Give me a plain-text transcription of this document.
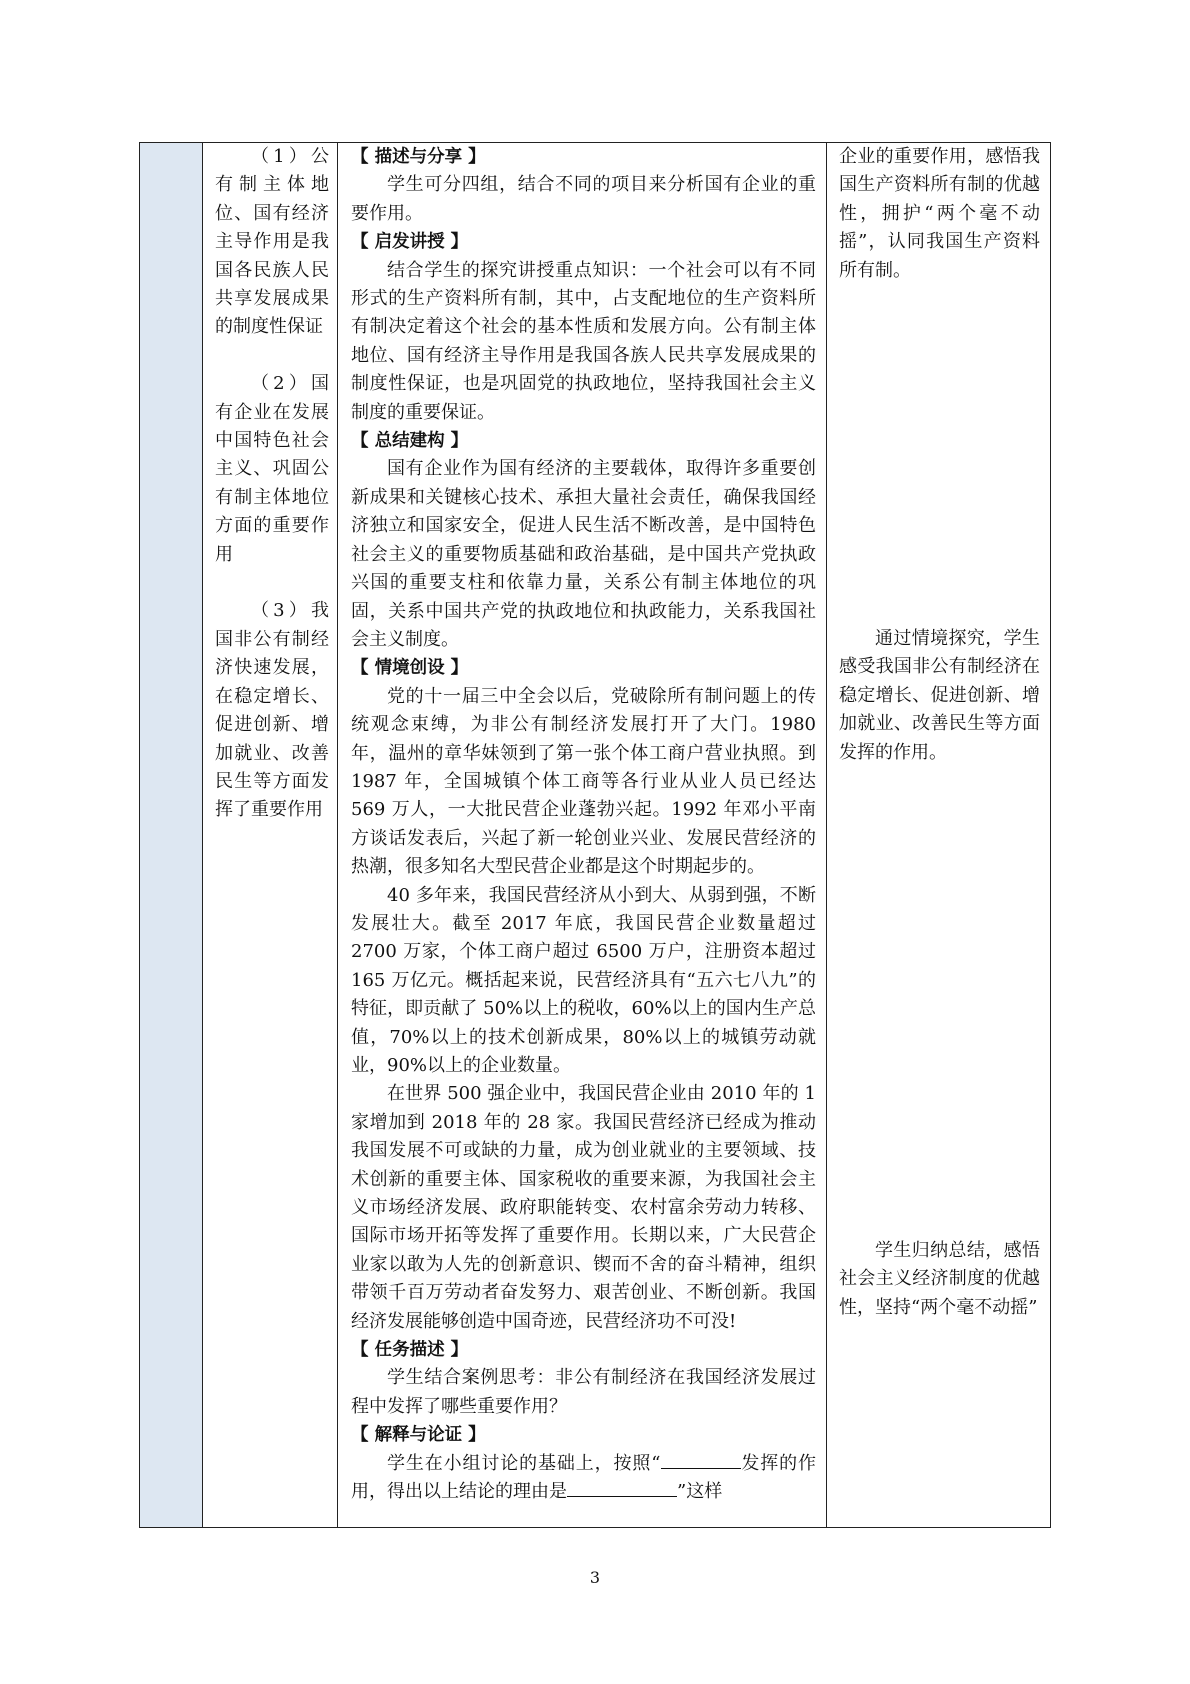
（1）公有制主体地位、国有经济主导作用是我国各民族人民共享发展成果的制度性保证

（2）国有企业在发展中国特色社会主义、巩固公有制主体地位方面的重要作用

（3）我国非公有制经济快速发展，在稳定增长、促进创新、增加就业、改善民生等方面发挥了重要作用

【 描述与分享 】

学生可分四组，结合不同的项目来分析国有企业的重要作用。

【 启发讲授 】

结合学生的探究讲授重点知识：一个社会可以有不同形式的生产资料所有制，其中，占支配地位的生产资料所有制决定着这个社会的基本性质和发展方向。公有制主体地位、国有经济主导作用是我国各族人民共享发展成果的制度性保证，也是巩固党的执政地位，坚持我国社会主义制度的重要保证。

【 总结建构 】

国有企业作为国有经济的主要载体，取得许多重要创新成果和关键核心技术、承担大量社会责任，确保我国经济独立和国家安全，促进人民生活不断改善，是中国特色社会主义的重要物质基础和政治基础，是中国共产党执政兴国的重要支柱和依靠力量，关系公有制主体地位的巩固，关系中国共产党的执政地位和执政能力，关系我国社会主义制度。

【 情境创设 】

党的十一届三中全会以后，党破除所有制问题上的传统观念束缚，为非公有制经济发展打开了大门。1980 年，温州的章华妹领到了第一张个体工商户营业执照。到 1987 年，全国城镇个体工商等各行业从业人员已经达 569 万人，一大批民营企业蓬勃兴起。1992 年邓小平南方谈话发表后，兴起了新一轮创业兴业、发展民营经济的热潮，很多知名大型民营企业都是这个时期起步的。

40 多年来，我国民营经济从小到大、从弱到强，不断发展壮大。截至 2017 年底，我国民营企业数量超过 2700 万家，个体工商户超过 6500 万户，注册资本超过 165 万亿元。概括起来说，民营经济具有“五六七八九”的特征，即贡献了 50%以上的税收，60%以上的国内生产总值，70%以上的技术创新成果，80%以上的城镇劳动就业，90%以上的企业数量。

在世界 500 强企业中，我国民营企业由 2010 年的 1 家增加到 2018 年的 28 家。我国民营经济已经成为推动我国发展不可或缺的力量，成为创业就业的主要领域、技术创新的重要主体、国家税收的重要来源，为我国社会主义市场经济发展、政府职能转变、农村富余劳动力转移、国际市场开拓等发挥了重要作用。长期以来，广大民营企业家以敢为人先的创新意识、锲而不舍的奋斗精神，组织带领千百万劳动者奋发努力、艰苦创业、不断创新。我国经济发展能够创造中国奇迹，民营经济功不可没!

【 任务描述 】

学生结合案例思考：非公有制经济在我国经济发展过程中发挥了哪些重要作用？

【 解释与论证 】

学生在小组讨论的基础上，按照“	发挥的作用，得出以上结论的理由是	”这样

企业的重要作用，感悟我国生产资料所有制的优越性，拥护“两个毫不动摇”，认同我国生产资料所有制。

通过情境探究，学生感受我国非公有制经济在稳定增长、促进创新、增加就业、改善民生等方面发挥的作用。

学生归纳总结，感悟社会主义经济制度的优越性，坚持“两个毫不动摇”

3
